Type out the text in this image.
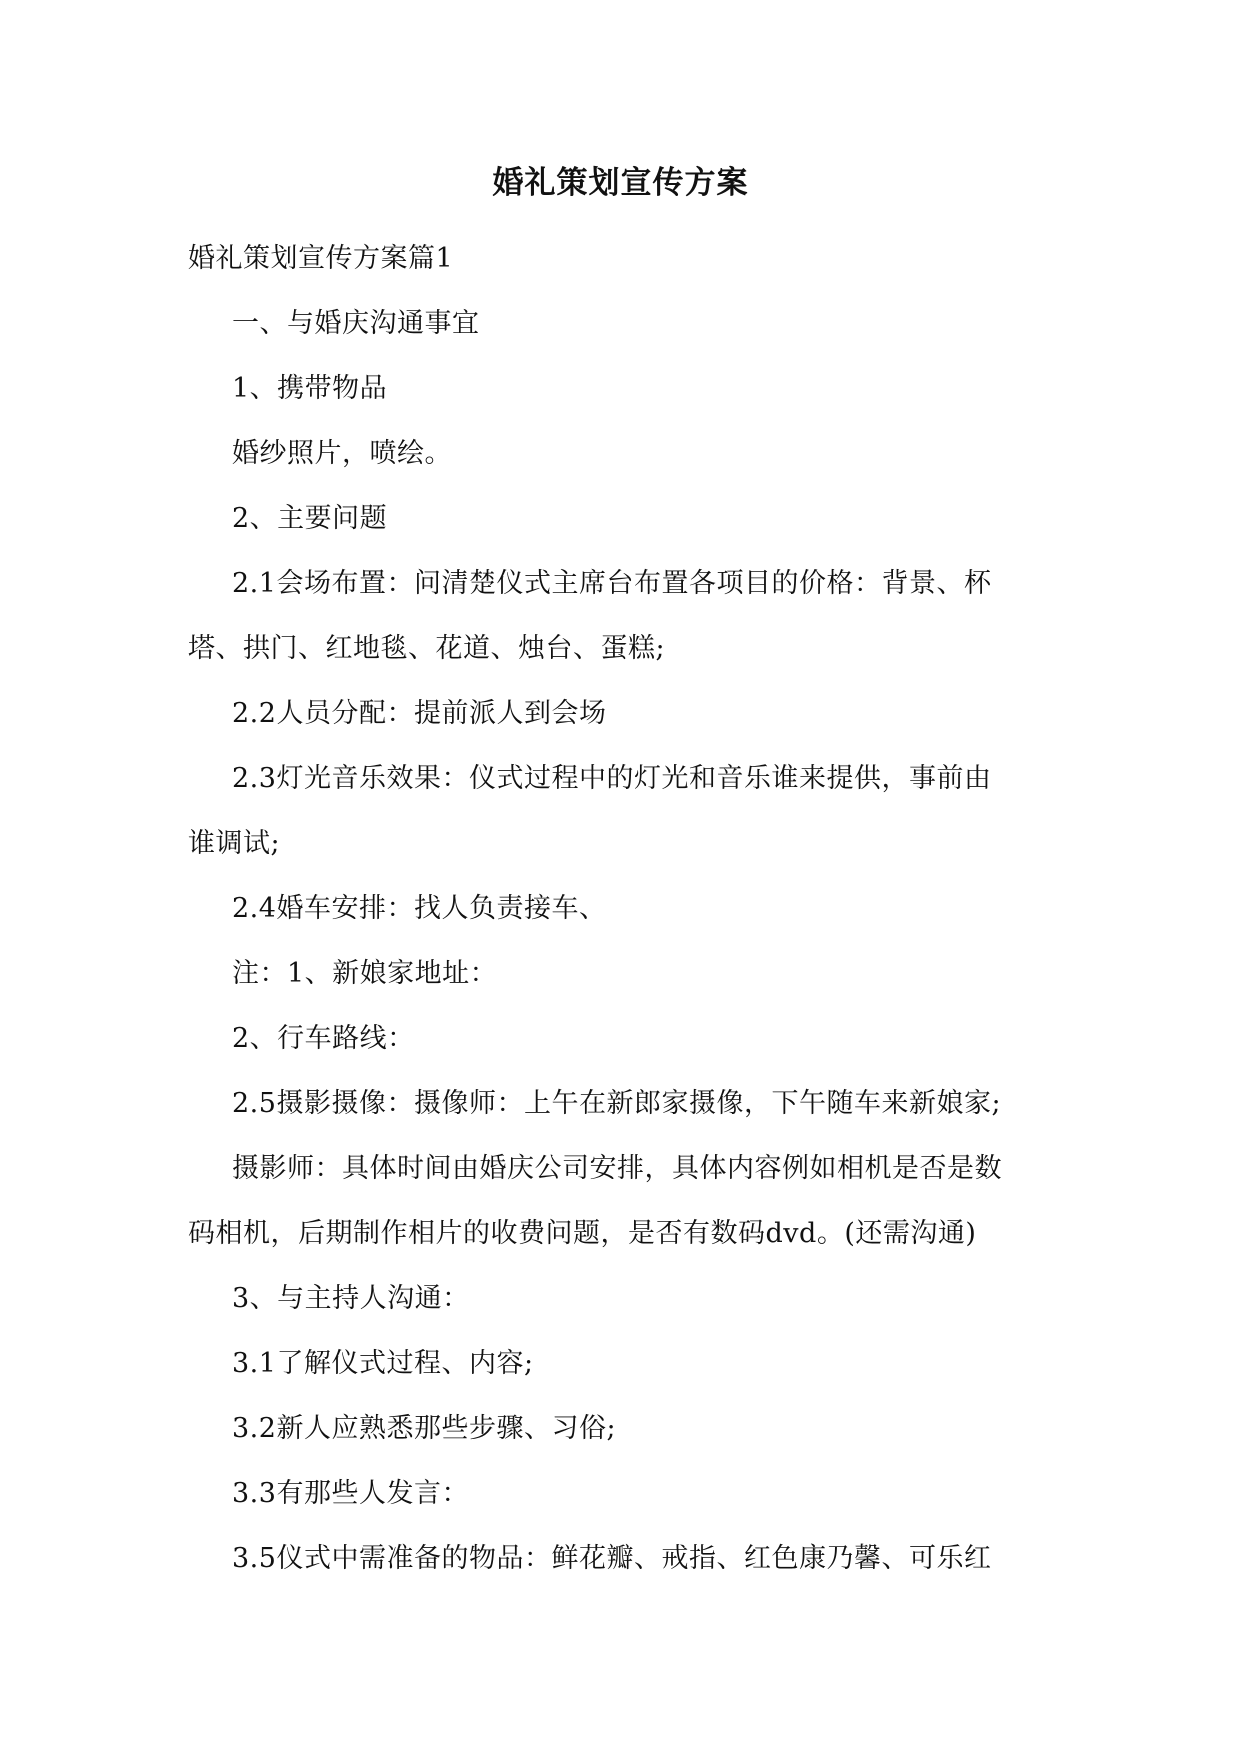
婚礼策划宣传方案

婚礼策划宣传方案篇1

一、与婚庆沟通事宜

1、携带物品

婚纱照片，喷绘。

2、主要问题

2.1会场布置：问清楚仪式主席台布置各项目的价格：背景、杯

塔、拱门、红地毯、花道、烛台、蛋糕;

2.2人员分配：提前派人到会场

2.3灯光音乐效果：仪式过程中的灯光和音乐谁来提供，事前由

谁调试;

2.4婚车安排：找人负责接车、

注：1、新娘家地址：

2、行车路线：

2.5摄影摄像：摄像师：上午在新郎家摄像，下午随车来新娘家;

摄影师：具体时间由婚庆公司安排，具体内容例如相机是否是数

码相机，后期制作相片的收费问题，是否有数码dvd。(还需沟通)

3、与主持人沟通：

3.1了解仪式过程、内容;

3.2新人应熟悉那些步骤、习俗;

3.3有那些人发言：

3.5仪式中需准备的物品：鲜花瓣、戒指、红色康乃馨、可乐红
